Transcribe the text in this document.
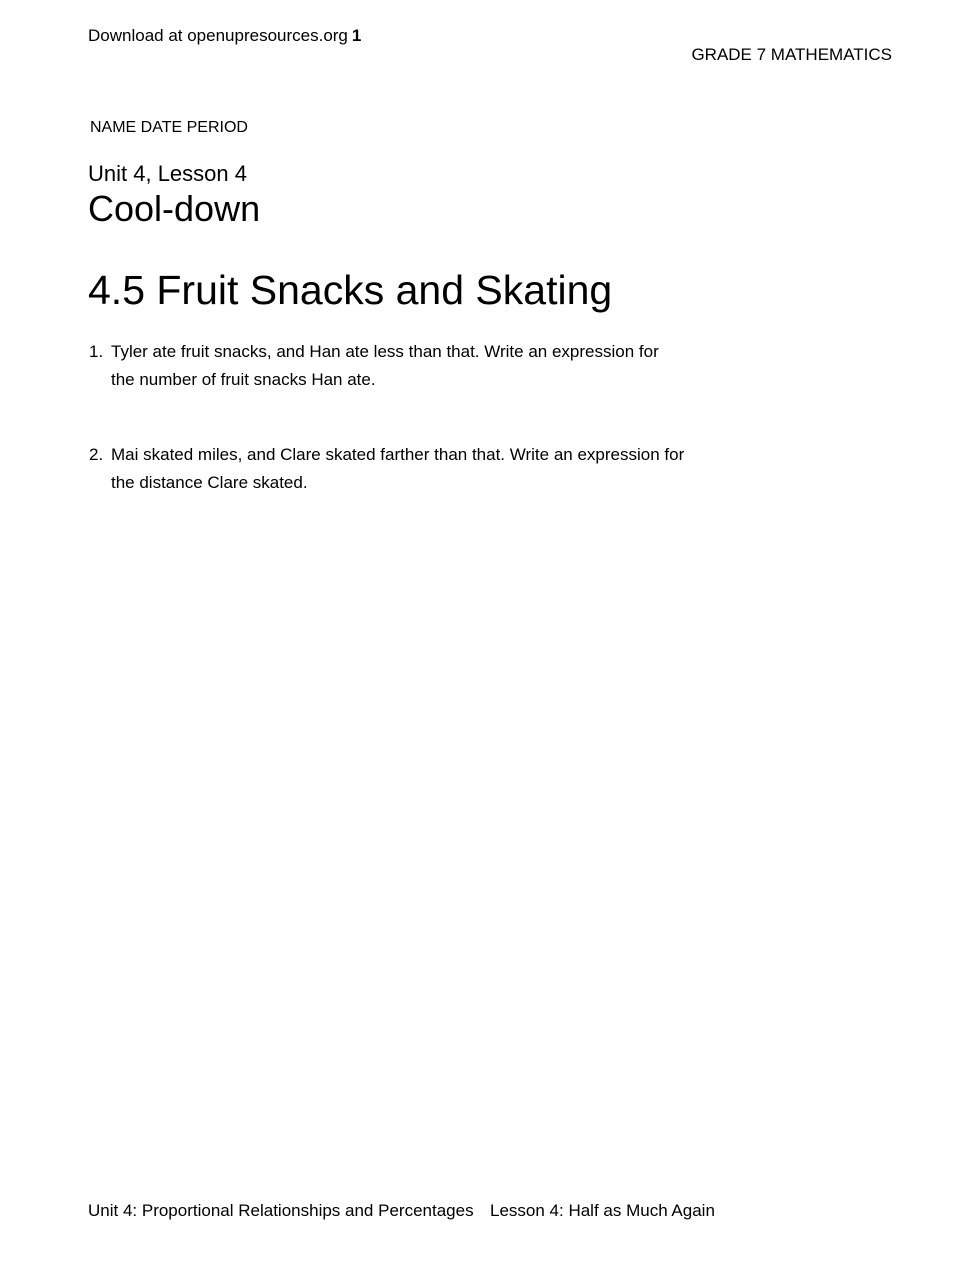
Download at openupresources.org 1
GRADE 7 MATHEMATICS
NAME DATE PERIOD
Unit 4, Lesson 4
Cool-down
4.5 Fruit Snacks and Skating
1. Tyler ate fruit snacks, and Han ate less than that. Write an expression for
the number of fruit snacks Han ate.
2. Mai skated miles, and Clare skated farther than that. Write an expression for
the distance Clare skated.
Unit 4: Proportional Relationships and Percentages Lesson 4: Half as Much Again
